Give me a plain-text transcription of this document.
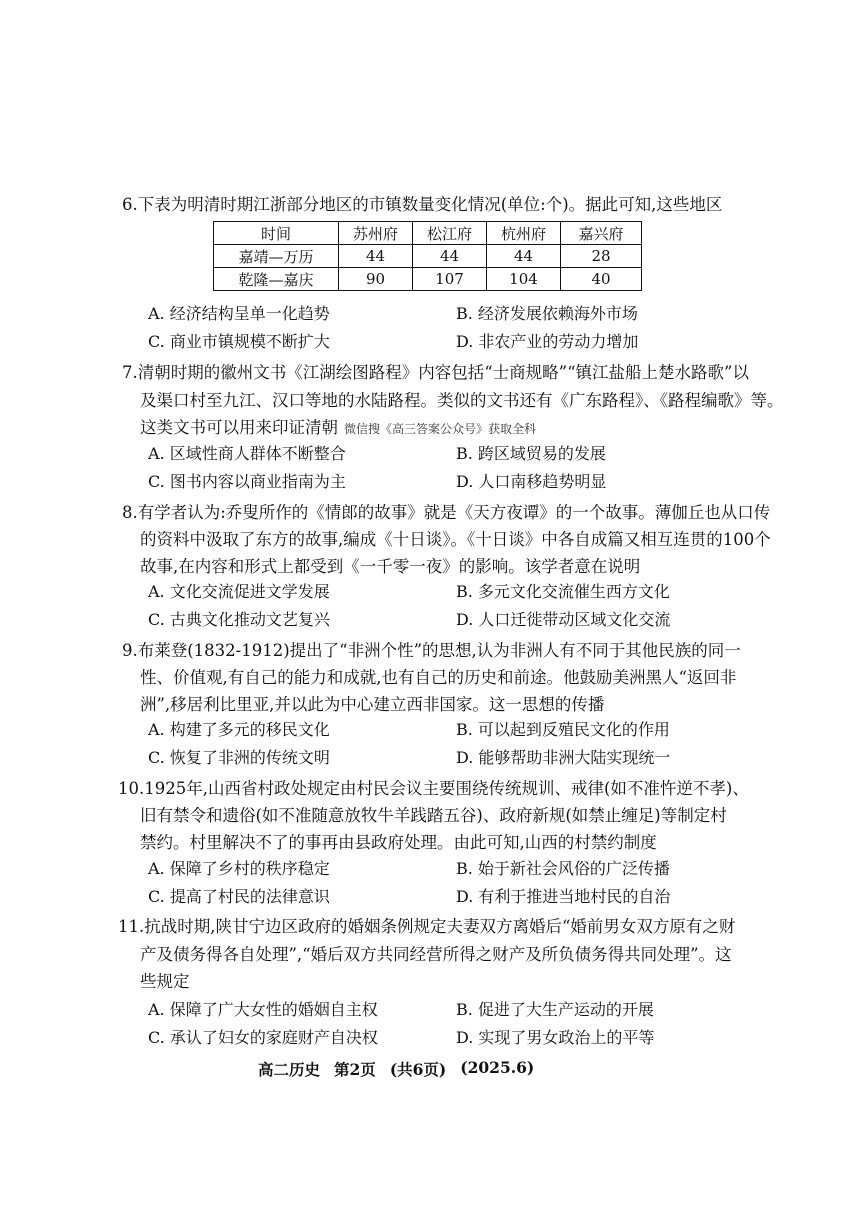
6.下表为明清时期江浙部分地区的市镇数量变化情况(单位:个)。据此可知,这些地区
时间	苏州府	松江府	杭州府	嘉兴府
嘉靖—万历	44	44	44	28
乾隆—嘉庆	90	107	104	40
A. 经济结构呈单一化趋势	B. 经济发展依赖海外市场
C. 商业市镇规模不断扩大	D. 非农产业的劳动力增加
7.清朝时期的徽州文书《江湖绘图路程》内容包括“士商规略”“镇江盐船上楚水路歌”以
及渠口村至九江、汉口等地的水陆路程。类似的文书还有《广东路程》、《路程编歌》等。
这类文书可以用来印证清朝 微信搜《高三答案公众号》获取全科
A. 区域性商人群体不断整合	B. 跨区域贸易的发展
C. 图书内容以商业指南为主	D. 人口南移趋势明显
8.有学者认为:乔叟所作的《情郎的故事》就是《天方夜谭》的一个故事。薄伽丘也从口传
的资料中汲取了东方的故事,编成《十日谈》。《十日谈》中各自成篇又相互连贯的100个
故事,在内容和形式上都受到《一千零一夜》的影响。该学者意在说明
A. 文化交流促进文学发展	B. 多元文化交流催生西方文化
C. 古典文化推动文艺复兴	D. 人口迁徙带动区域文化交流
9.布莱登(1832-1912)提出了“非洲个性”的思想,认为非洲人有不同于其他民族的同一
性、价值观,有自己的能力和成就,也有自己的历史和前途。他鼓励美洲黑人“返回非
洲”,移居利比里亚,并以此为中心建立西非国家。这一思想的传播
A. 构建了多元的移民文化	B. 可以起到反殖民文化的作用
C. 恢复了非洲的传统文明	D. 能够帮助非洲大陆实现统一
10.1925年,山西省村政处规定由村民会议主要围绕传统规训、戒律(如不准忤逆不孝)、
旧有禁令和遗俗(如不准随意放牧牛羊践踏五谷)、政府新规(如禁止缠足)等制定村
禁约。村里解决不了的事再由县政府处理。由此可知,山西的村禁约制度
A. 保障了乡村的秩序稳定	B. 始于新社会风俗的广泛传播
C. 提高了村民的法律意识	D. 有利于推进当地村民的自治
11.抗战时期,陕甘宁边区政府的婚姻条例规定夫妻双方离婚后“婚前男女双方原有之财
产及债务得各自处理”,“婚后双方共同经营所得之财产及所负债务得共同处理”。这
些规定
A. 保障了广大女性的婚姻自主权	B. 促进了大生产运动的开展
C. 承认了妇女的家庭财产自决权	D. 实现了男女政治上的平等
高二历史 第2页 (共6页) (2025.6)
